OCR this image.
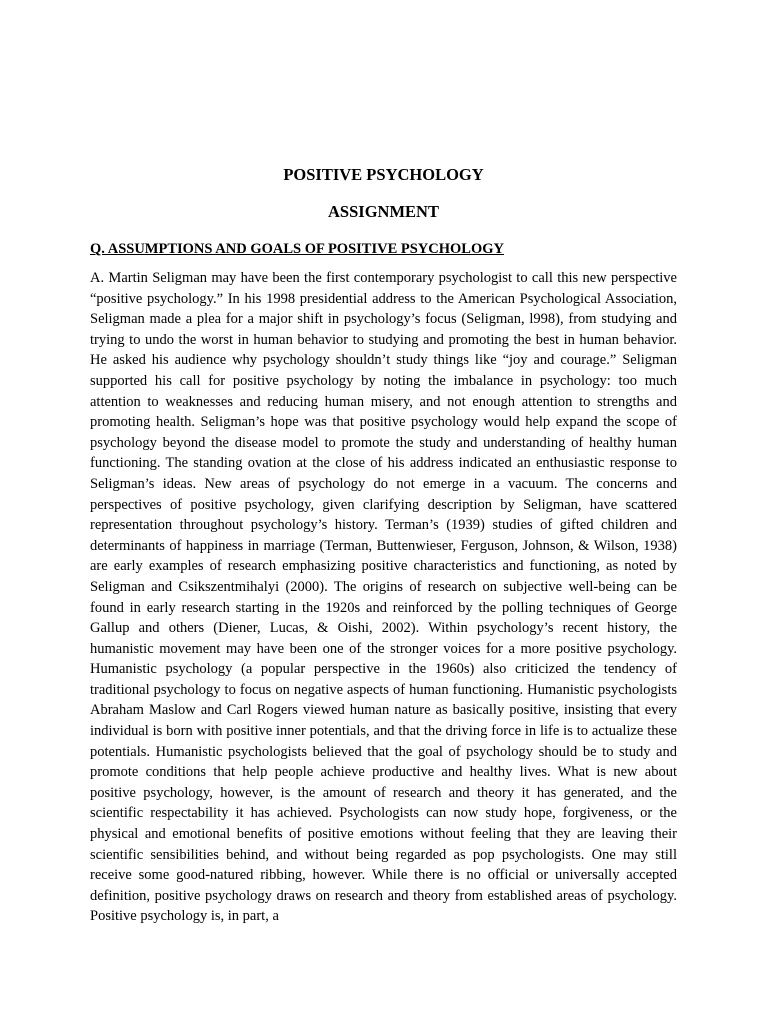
POSITIVE PSYCHOLOGY
ASSIGNMENT

Q. ASSUMPTIONS AND GOALS OF POSITIVE PSYCHOLOGY

A. Martin Seligman may have been the first contemporary psychologist to call this new perspective “positive psychology.” In his 1998 presidential address to the American Psychological Association, Seligman made a plea for a major shift in psychology’s focus (Seligman, l998), from studying and trying to undo the worst in human behavior to studying and promoting the best in human behavior. He asked his audience why psychology shouldn’t study things like “joy and courage.” Seligman supported his call for positive psychology by noting the imbalance in psychology: too much attention to weaknesses and reducing human misery, and not enough attention to strengths and promoting health. Seligman’s hope was that positive psychology would help expand the scope of psychology beyond the disease model to promote the study and understanding of healthy human functioning. The standing ovation at the close of his address indicated an enthusiastic response to Seligman’s ideas. New areas of psychology do not emerge in a vacuum. The concerns and perspectives of positive psychology, given clarifying description by Seligman, have scattered representation throughout psychology’s history. Terman’s (1939) studies of gifted children and determinants of happiness in marriage (Terman, Buttenwieser, Ferguson, Johnson, & Wilson, 1938) are early examples of research emphasizing positive characteristics and functioning, as noted by Seligman and Csikszentmihalyi (2000). The origins of research on subjective well-being can be found in early research starting in the 1920s and reinforced by the polling techniques of George Gallup and others (Diener, Lucas, & Oishi, 2002). Within psychology’s recent history, the humanistic movement may have been one of the stronger voices for a more positive psychology. Humanistic psychology (a popular perspective in the 1960s) also criticized the tendency of traditional psychology to focus on negative aspects of human functioning. Humanistic psychologists Abraham Maslow and Carl Rogers viewed human nature as basically positive, insisting that every individual is born with positive inner potentials, and that the driving force in life is to actualize these potentials. Humanistic psychologists believed that the goal of psychology should be to study and promote conditions that help people achieve productive and healthy lives. What is new about positive psychology, however, is the amount of research and theory it has generated, and the scientific respectability it has achieved. Psychologists can now study hope, forgiveness, or the physical and emotional benefits of positive emotions without feeling that they are leaving their scientific sensibilities behind, and without being regarded as pop psychologists. One may still receive some good-natured ribbing, however. While there is no official or universally accepted definition, positive psychology draws on research and theory from established areas of psychology. Positive psychology is, in part, a
